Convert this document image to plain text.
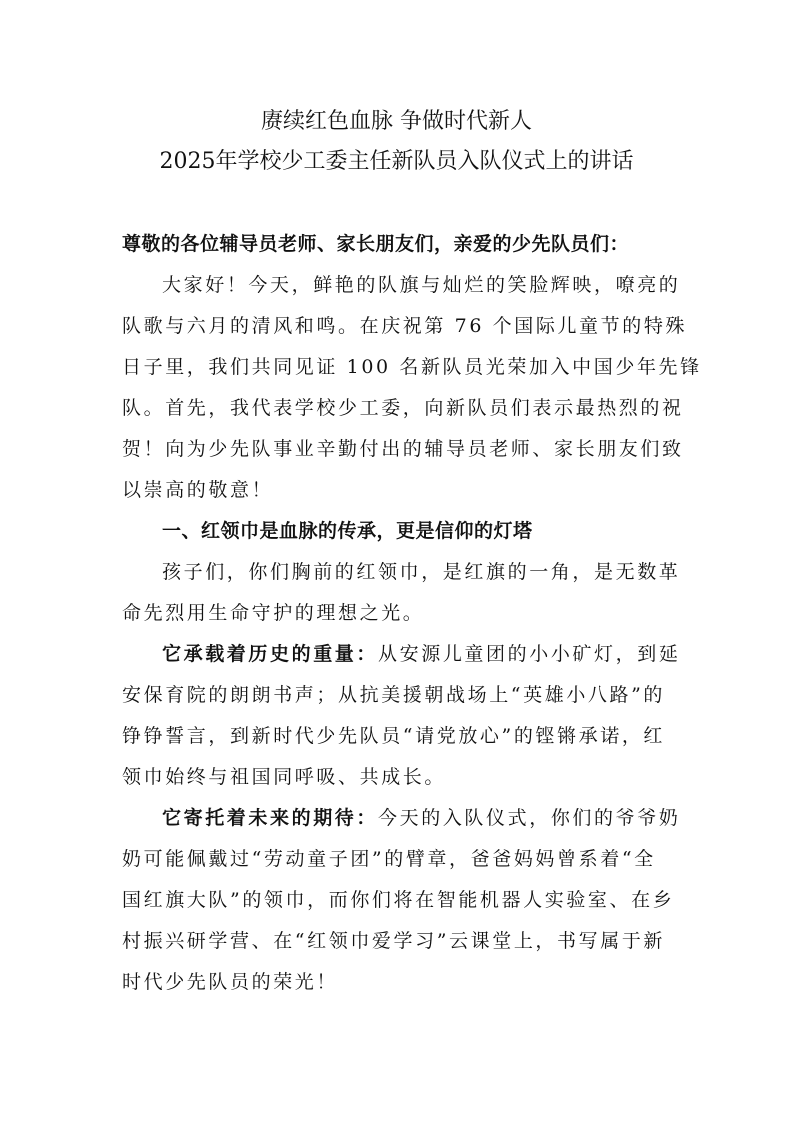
赓续红色血脉 争做时代新人
2025年学校少工委主任新队员入队仪式上的讲话
尊敬的各位辅导员老师、家长朋友们，亲爱的少先队员们：
大家好！今天，鲜艳的队旗与灿烂的笑脸辉映，嘹亮的
队歌与六月的清风和鸣。在庆祝第 76 个国际儿童节的特殊
日子里，我们共同见证 100 名新队员光荣加入中国少年先锋
队。首先，我代表学校少工委，向新队员们表示最热烈的祝
贺！向为少先队事业辛勤付出的辅导员老师、家长朋友们致
以崇高的敬意！
一、红领巾是血脉的传承，更是信仰的灯塔
孩子们，你们胸前的红领巾，是红旗的一角，是无数革
命先烈用生命守护的理想之光。
它承载着历史的重量：从安源儿童团的小小矿灯，到延
安保育院的朗朗书声；从抗美援朝战场上“英雄小八路”的
铮铮誓言，到新时代少先队员“请党放心”的铿锵承诺，红
领巾始终与祖国同呼吸、共成长。
它寄托着未来的期待：今天的入队仪式，你们的爷爷奶
奶可能佩戴过“劳动童子团”的臂章，爸爸妈妈曾系着“全
国红旗大队”的领巾，而你们将在智能机器人实验室、在乡
村振兴研学营、在“红领巾爱学习”云课堂上，书写属于新
时代少先队员的荣光！
